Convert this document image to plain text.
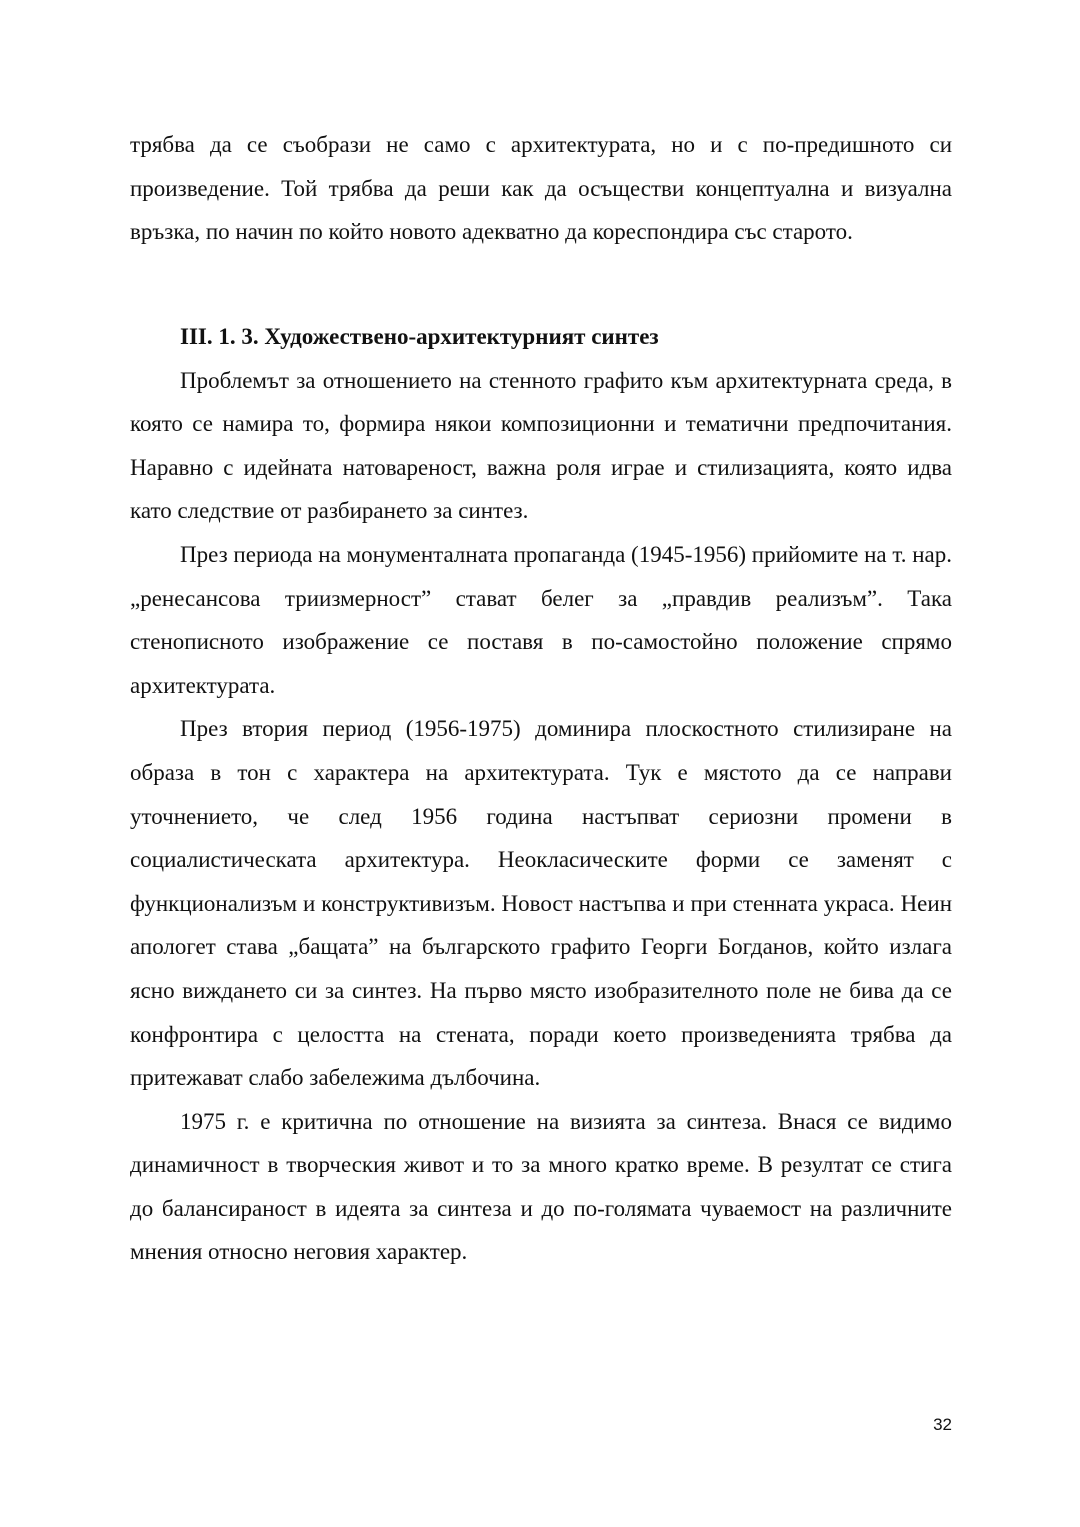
трябва да се съобрази не само с архитектурата, но и с по-предишното си произведение. Той трябва да реши как да осъществи концептуална и визуална връзка, по начин по който новото адекватно да кореспондира със старото.

III. 1. 3. Художествено-архитектурният синтез

Проблемът за отношението на стенното графито към архитектурната среда, в която се намира то, формира някои композиционни и тематични предпочитания. Наравно с идейната натовареност, важна роля играе и стилизацията, която идва като следствие от разбирането за синтез.

През периода на монументалната пропаганда (1945-1956) прийомите на т. нар. „ренесансова триизмерност” стават белег за „правдив реализъм”. Така стенописното изображение се поставя в по-самостойно положение спрямо архитектурата.

През втория период (1956-1975) доминира плоскостното стилизиране на образа в тон с характера на архитектурата. Тук е мястото да се направи уточнението, че след 1956 година настъпват сериозни промени в социалистическата архитектура. Неокласическите форми се заменят с функционализъм и конструктивизъм. Новост настъпва и при стенната украса. Неин апологет става „бащата” на българското графито Георги Богданов, който излага ясно виждането си за синтез. На първо място изобразителното поле не бива да се конфронтира с целостта на стената, поради което произведенията трябва да притежават слабо забележима дълбочина.

1975 г. е критична по отношение на визията за синтеза. Внася се видимо динамичност в творческия живот и то за много кратко време. В резултат се стига до балансираност в идеята за синтеза и до по-голямата чуваемост на различните мнения относно неговия характер.

32
